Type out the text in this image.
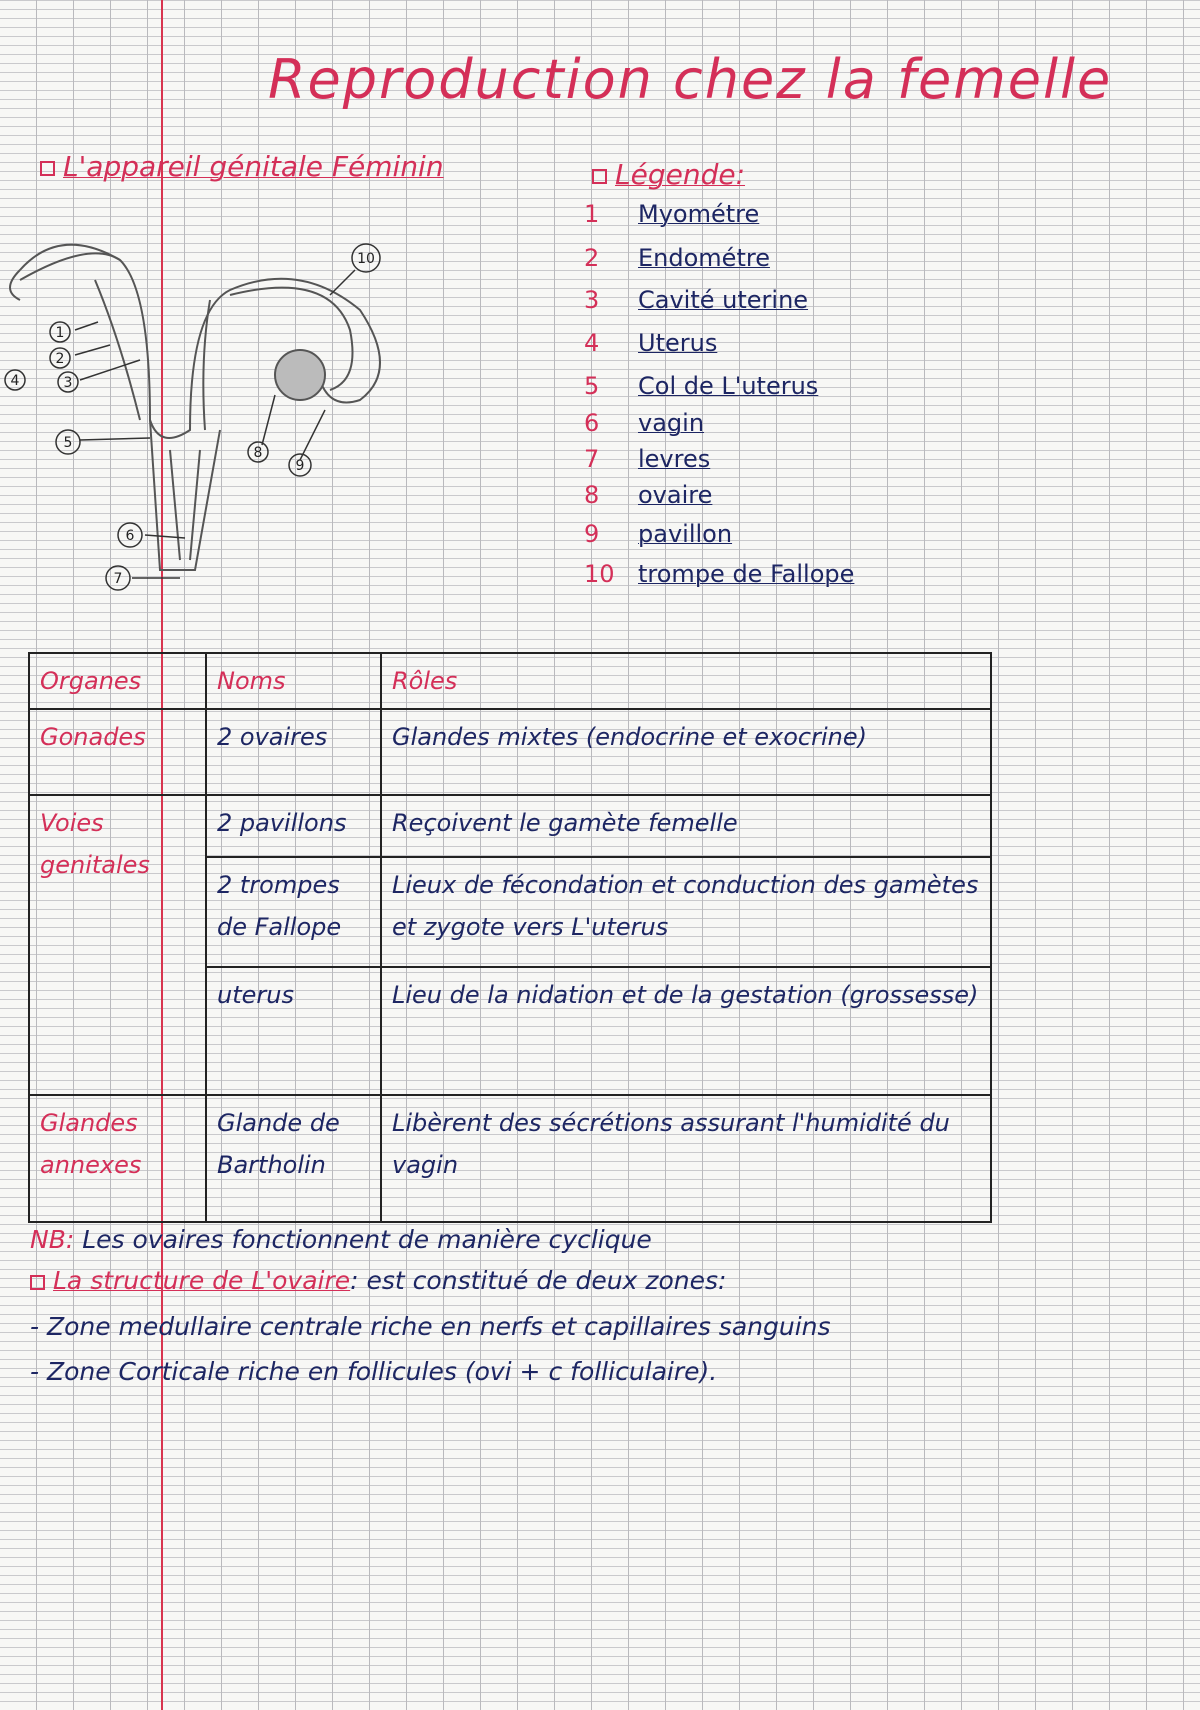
Reproduction chez la femelle
L'appareil génitale Féminin
1
2
3
4
5
6
7
8
9
10
Légende:
1 Myométre
2 Endométre
3 Cavité uterine
4 Uterus
5 Col de L'uterus
6 vagin
7 levres
8 ovaire
9 pavillon
10 trompe de Fallope
Organes	Noms	Rôles
Gonades	2 ovaires	Glandes mixtes (endocrine et exocrine)
Voies genitales	2 pavillons	Reçoivent le gamète femelle
	2 trompes de Fallope	Lieux de fécondation et conduction des gamètes et zygote vers L'uterus
	uterus	Lieu de la nidation et de la gestation (grossesse)
Glandes annexes	Glande de Bartholin	Libèrent des sécrétions assurant l'humidité du vagin
NB: Les ovaires fonctionnent de manière cyclique
La structure de L'ovaire: est constitué de deux zones:
- Zone medullaire centrale riche en nerfs et capillaires sanguins
- Zone Corticale riche en follicules (ovi + c folliculaire).
